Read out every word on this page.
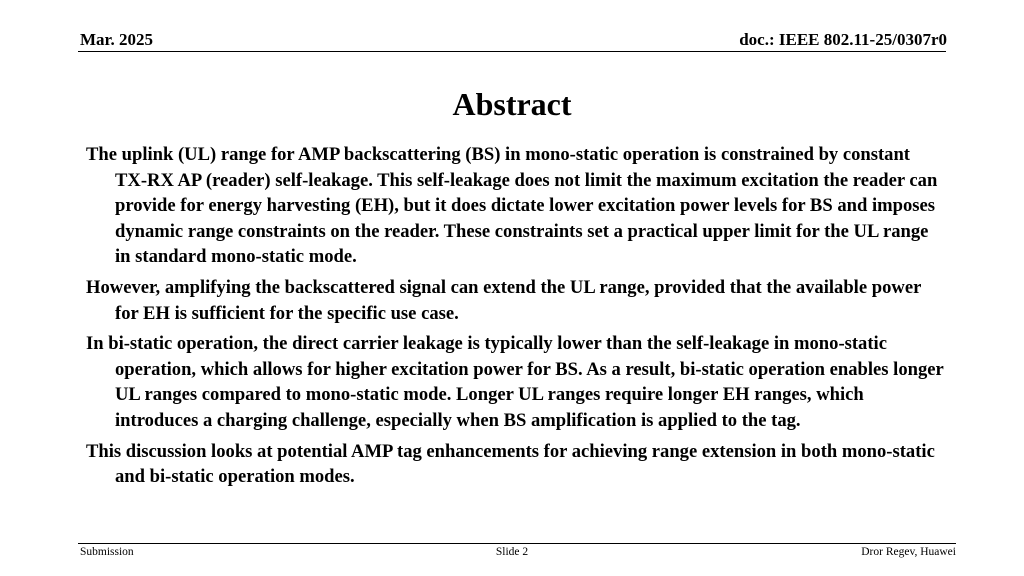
Mar. 2025	doc.: IEEE 802.11-25/0307r0
Abstract

The uplink (UL) range for AMP backscattering (BS) in mono-static operation is constrained by constant TX-RX AP (reader) self-leakage. This self-leakage does not limit the maximum excitation the reader can provide for energy harvesting (EH), but it does dictate lower excitation power levels for BS and imposes dynamic range constraints on the reader. These constraints set a practical upper limit for the UL range in standard mono-static mode.

However, amplifying the backscattered signal can extend the UL range, provided that the available power for EH is sufficient for the specific use case.

In bi-static operation, the direct carrier leakage is typically lower than the self-leakage in mono-static operation, which allows for higher excitation power for BS. As a result, bi-static operation enables longer UL ranges compared to mono-static mode. Longer UL ranges require longer EH ranges, which introduces a charging challenge, especially when BS amplification is applied to the tag.

This discussion looks at potential AMP tag enhancements for achieving range extension in both mono-static and bi-static operation modes.

Submission	Slide 2	Dror Regev, Huawei
